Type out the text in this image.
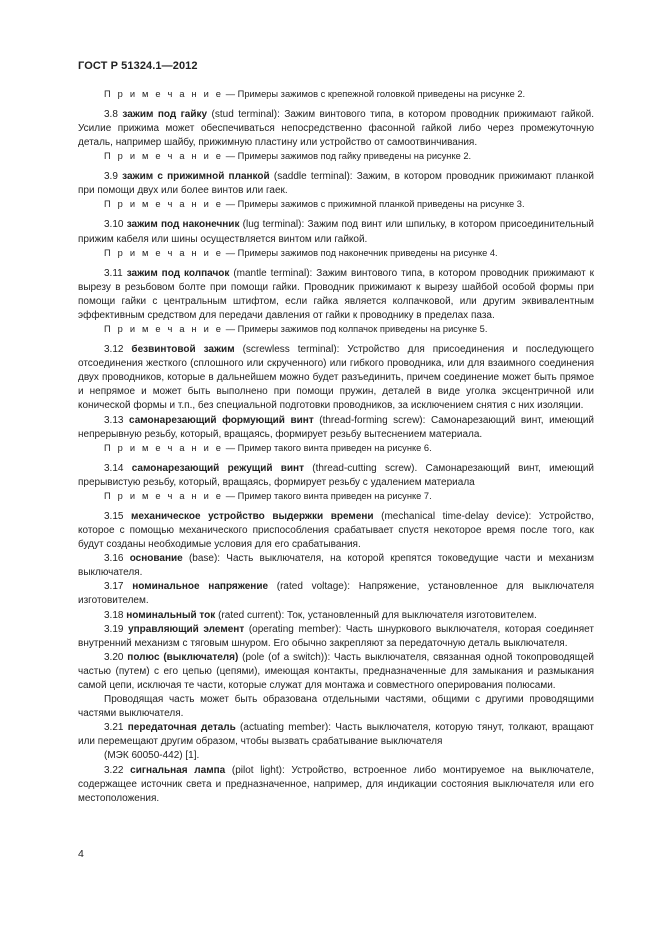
ГОСТ Р 51324.1—2012

П р и м е ч а н и е — Примеры зажимов с крепежной головкой приведены на рисунке 2.

3.8 зажим под гайку (stud terminal): Зажим винтового типа, в котором проводник прижимают гайкой. Усилие прижима может обеспечиваться непосредственно фасонной гайкой либо через промежуточную деталь, например шайбу, прижимную пластину или устройство от самоотвинчивания.

П р и м е ч а н и е — Примеры зажимов под гайку приведены на рисунке 2.

3.9 зажим с прижимной планкой (saddle terminal): Зажим, в котором проводник прижимают планкой при помощи двух или более винтов или гаек.

П р и м е ч а н и е — Примеры зажимов с прижимной планкой приведены на рисунке 3.

3.10 зажим под наконечник (lug terminal): Зажим под винт или шпильку, в котором присоединительный прижим кабеля или шины осуществляется винтом или гайкой.

П р и м е ч а н и е — Примеры зажимов под наконечник приведены на рисунке 4.

3.11 зажим под колпачок (mantle terminal): Зажим винтового типа, в котором проводник прижимают к вырезу в резьбовом болте при помощи гайки. Проводник прижимают к вырезу шайбой особой формы при помощи гайки с центральным штифтом, если гайка является колпачковой, или другим эквивалентным эффективным средством для передачи давления от гайки к проводнику в пределах паза.

П р и м е ч а н и е — Примеры зажимов под колпачок приведены на рисунке 5.

3.12 безвинтовой зажим (screwless terminal): Устройство для присоединения и последующего отсоединения жесткого (сплошного или скрученного) или гибкого проводника, или для взаимного соединения двух проводников, которые в дальнейшем можно будет разъединить, причем соединение может быть прямое и непрямое и может быть выполнено при помощи пружин, деталей в виде уголка эксцентричной или конической формы и т.п., без специальной подготовки проводников, за исключением снятия с них изоляции.

3.13 самонарезающий формующий винт (thread-forming screw): Самонарезающий винт, имеющий непрерывную резьбу, который, вращаясь, формирует резьбу вытеснением материала.

П р и м е ч а н и е — Пример такого винта приведен на рисунке 6.

3.14 самонарезающий режущий винт (thread-cutting screw). Самонарезающий винт, имеющий прерывистую резьбу, который, вращаясь, формирует резьбу с удалением материала

П р и м е ч а н и е — Пример такого винта приведен на рисунке 7.

3.15 механическое устройство выдержки времени (mechanical time-delay device): Устройство, которое с помощью механического приспособления срабатывает спустя некоторое время после того, как будут созданы необходимые условия для его срабатывания.

3.16 основание (base): Часть выключателя, на которой крепятся токоведущие части и механизм выключателя.

3.17 номинальное напряжение (rated voltage): Напряжение, установленное для выключателя изготовителем.

3.18 номинальный ток (rated current): Ток, установленный для выключателя изготовителем.

3.19 управляющий элемент (operating member): Часть шнуркового выключателя, которая соединяет внутренний механизм с тяговым шнуром. Его обычно закрепляют за передаточную деталь выключателя.

3.20 полюс (выключателя) (pole (of a switch)): Часть выключателя, связанная одной токопроводящей частью (путем) с его цепью (цепями), имеющая контакты, предназначенные для замыкания и размыкания самой цепи, исключая те части, которые служат для монтажа и совместного оперирования полюсами.

Проводящая часть может быть образована отдельными частями, общими с другими проводящими частями выключателя.

3.21 передаточная деталь (actuating member): Часть выключателя, которую тянут, толкают, вращают или перемещают другим образом, чтобы вызвать срабатывание выключателя

(МЭК 60050-442) [1].

3.22 сигнальная лампа (pilot light): Устройство, встроенное либо монтируемое на выключателе, содержащее источник света и предназначенное, например, для индикации состояния выключателя или его местоположения.

4
